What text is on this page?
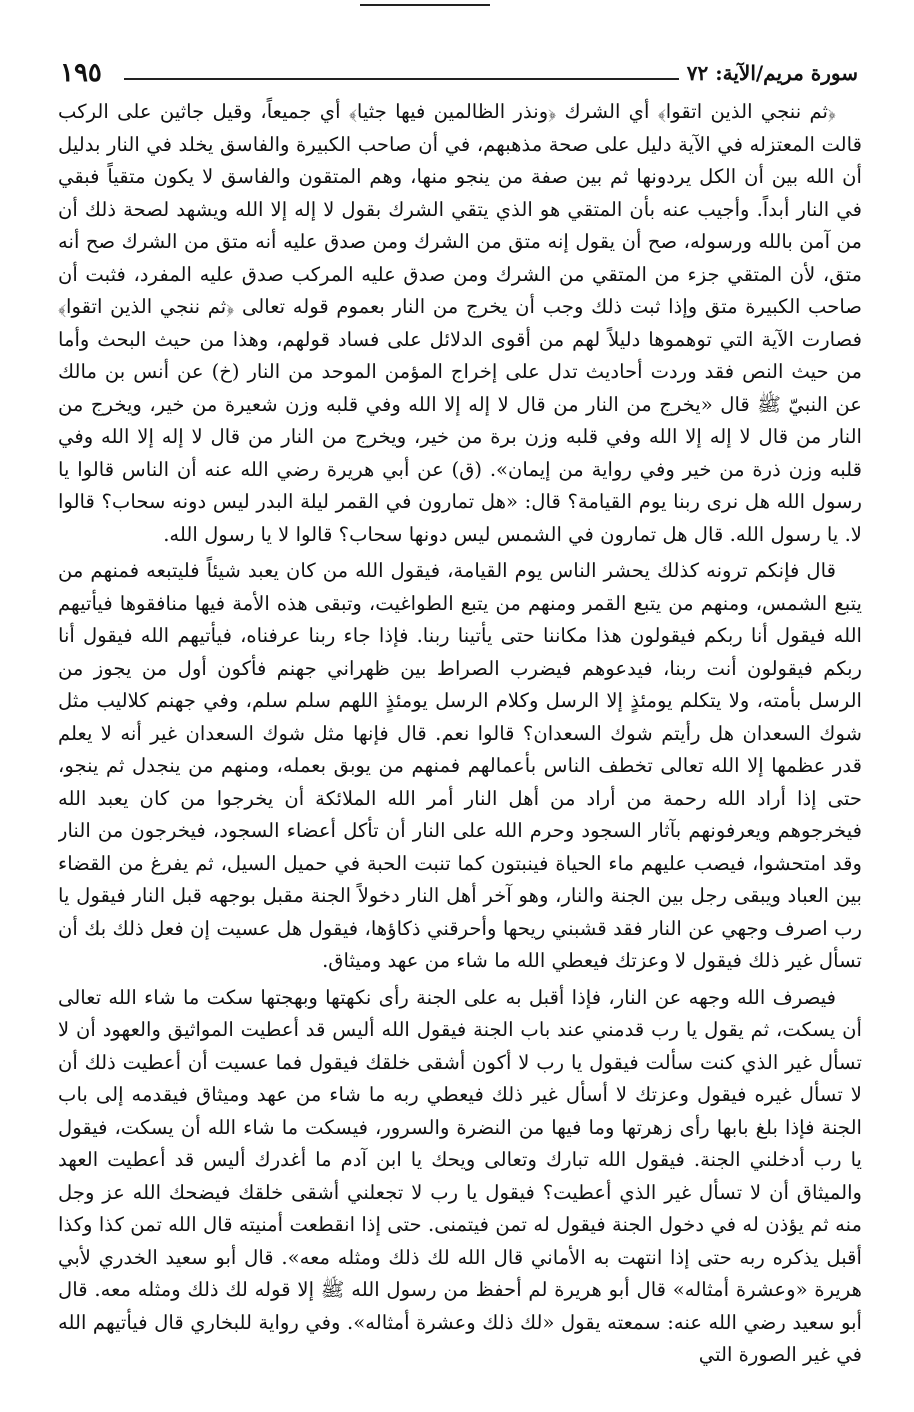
١٩٥	سورة مريم/الآية: ٧٢

﴿ثم ننجي الذين اتقوا﴾ أي الشرك ﴿ونذر الظالمين فيها جثيا﴾ أي جميعاً، وقيل جاثين على الركب قالت المعتزله في الآية دليل على صحة مذهبهم، في أن صاحب الكبيرة والفاسق يخلد في النار بدليل أن الله بين أن الكل يردونها ثم بين صفة من ينجو منها، وهم المتقون والفاسق لا يكون متقياً فبقي في النار أبداً. وأجيب عنه بأن المتقي هو الذي يتقي الشرك بقول لا إله إلا الله ويشهد لصحة ذلك أن من آمن بالله ورسوله، صح أن يقول إنه متق من الشرك ومن صدق عليه أنه متق من الشرك صح أنه متق، لأن المتقي جزء من المتقي من الشرك ومن صدق عليه المركب صدق عليه المفرد، فثبت أن صاحب الكبيرة متق وإذا ثبت ذلك وجب أن يخرج من النار بعموم قوله تعالى ﴿ثم ننجي الذين اتقوا﴾ فصارت الآية التي توهموها دليلاً لهم من أقوى الدلائل على فساد قولهم، وهذا من حيث البحث وأما من حيث النص فقد وردت أحاديث تدل على إخراج المؤمن الموحد من النار (خ) عن أنس بن مالك عن النبيّ ﷺ قال «يخرج من النار من قال لا إله إلا الله وفي قلبه وزن شعيرة من خير، ويخرج من النار من قال لا إله إلا الله وفي قلبه وزن برة من خير، ويخرج من النار من قال لا إله إلا الله وفي قلبه وزن ذرة من خير وفي رواية من إيمان». (ق) عن أبي هريرة رضي الله عنه أن الناس قالوا يا رسول الله هل نرى ربنا يوم القيامة؟ قال: «هل تمارون في القمر ليلة البدر ليس دونه سحاب؟ قالوا لا. يا رسول الله. قال هل تمارون في الشمس ليس دونها سحاب؟ قالوا لا يا رسول الله.

قال فإنكم ترونه كذلك يحشر الناس يوم القيامة، فيقول الله من كان يعبد شيئاً فليتبعه فمنهم من يتبع الشمس، ومنهم من يتبع القمر ومنهم من يتبع الطواغيت، وتبقى هذه الأمة فيها منافقوها فيأتيهم الله فيقول أنا ربكم فيقولون هذا مكاننا حتى يأتينا ربنا. فإذا جاء ربنا عرفناه، فيأتيهم الله فيقول أنا ربكم فيقولون أنت ربنا، فيدعوهم فيضرب الصراط بين ظهراني جهنم فأكون أول من يجوز من الرسل بأمته، ولا يتكلم يومئذٍ إلا الرسل وكلام الرسل يومئذٍ اللهم سلم سلم، وفي جهنم كلاليب مثل شوك السعدان هل رأيتم شوك السعدان؟ قالوا نعم. قال فإنها مثل شوك السعدان غير أنه لا يعلم قدر عظمها إلا الله تعالى تخطف الناس بأعمالهم فمنهم من يوبق بعمله، ومنهم من ينجدل ثم ينجو، حتى إذا أراد الله رحمة من أراد من أهل النار أمر الله الملائكة أن يخرجوا من كان يعبد الله فيخرجوهم ويعرفونهم بآثار السجود وحرم الله على النار أن تأكل أعضاء السجود، فيخرجون من النار وقد امتحشوا، فيصب عليهم ماء الحياة فينبتون كما تنبت الحبة في حميل السيل، ثم يفرغ من القضاء بين العباد ويبقى رجل بين الجنة والنار، وهو آخر أهل النار دخولاً الجنة مقبل بوجهه قبل النار فيقول يا رب اصرف وجهي عن النار فقد قشبني ريحها وأحرقني ذكاؤها، فيقول هل عسيت إن فعل ذلك بك أن تسأل غير ذلك فيقول لا وعزتك فيعطي الله ما شاء من عهد وميثاق.

فيصرف الله وجهه عن النار، فإذا أقبل به على الجنة رأى نكهتها وبهجتها سكت ما شاء الله تعالى أن يسكت، ثم يقول يا رب قدمني عند باب الجنة فيقول الله أليس قد أعطيت المواثيق والعهود أن لا تسأل غير الذي كنت سألت فيقول يا رب لا أكون أشقى خلقك فيقول فما عسيت أن أعطيت ذلك أن لا تسأل غيره فيقول وعزتك لا أسأل غير ذلك فيعطي ربه ما شاء من عهد وميثاق فيقدمه إلى باب الجنة فإذا بلغ بابها رأى زهرتها وما فيها من النضرة والسرور، فيسكت ما شاء الله أن يسكت، فيقول يا رب أدخلني الجنة. فيقول الله تبارك وتعالى ويحك يا ابن آدم ما أغدرك أليس قد أعطيت العهد والميثاق أن لا تسأل غير الذي أعطيت؟ فيقول يا رب لا تجعلني أشقى خلقك فيضحك الله عز وجل منه ثم يؤذن له في دخول الجنة فيقول له تمن فيتمنى. حتى إذا انقطعت أمنيته قال الله تمن كذا وكذا أقبل يذكره ربه حتى إذا انتهت به الأماني قال الله لك ذلك ومثله معه». قال أبو سعيد الخدري لأبي هريرة «وعشرة أمثاله» قال أبو هريرة لم أحفظ من رسول الله ﷺ إلا قوله لك ذلك ومثله معه. قال أبو سعيد رضي الله عنه: سمعته يقول «لك ذلك وعشرة أمثاله». وفي رواية للبخاري قال فيأتيهم الله في غير الصورة التي
